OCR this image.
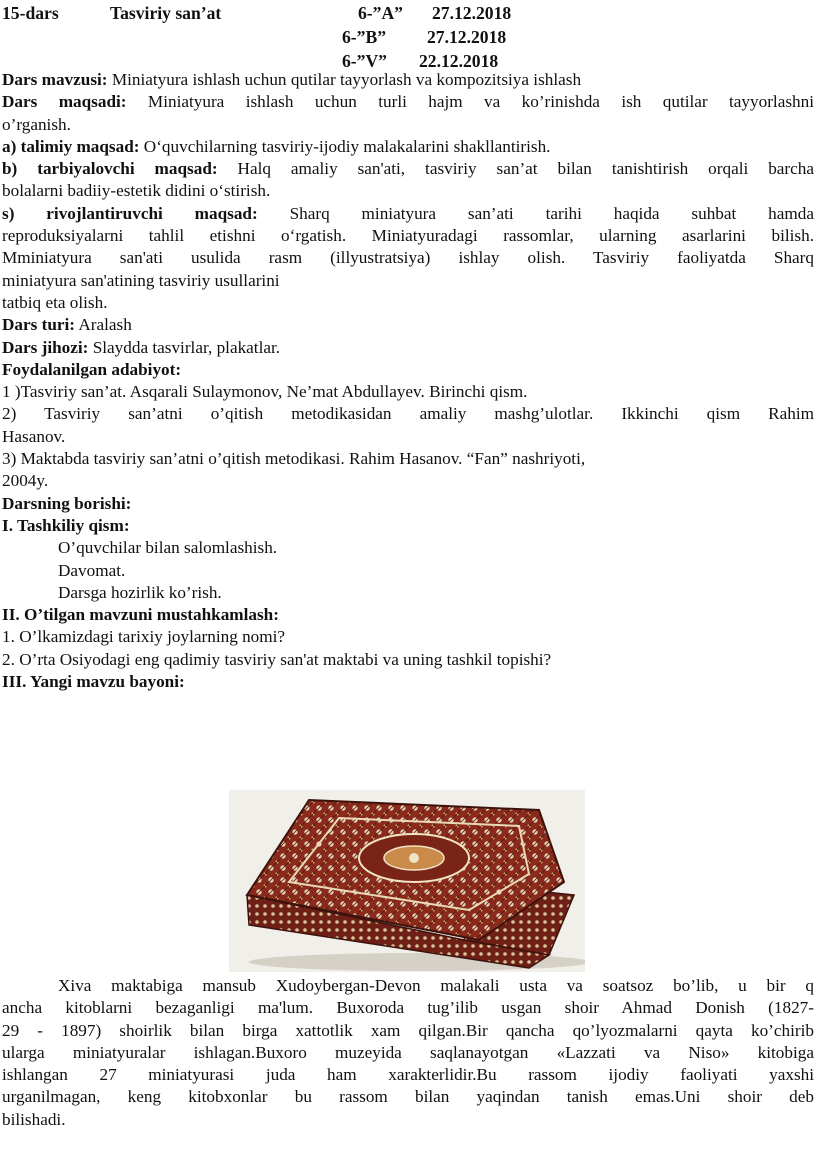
15-dars	Tasviriy san’at	6-”A” 27.12.2018
6-”B” 27.12.2018
6-”V” 22.12.2018
Dars mavzusi: Miniatyura ishlash uchun qutilar tayyorlash va kompozitsiya ishlash
Dars maqsadi: Miniatyura ishlash uchun turli hajm va ko’rinishda ish qutilar tayyorlashni
o’rganish.
a) talimiy maqsad: O‘quvchilarning tasviriy-ijodiy malakalarini shakllantirish.
b) tarbiyalovchi maqsad: Halq amaliy san'ati, tasviriy san’at bilan tanishtirish orqali barcha
bolalarni badiiy-estetik didini o‘stirish.
s) rivojlantiruvchi maqsad: Sharq miniatyura san’ati tarihi haqida suhbat hamda
reproduksiyalarni tahlil etishni o‘rgatish. Miniatyuradagi rassomlar, ularning asarlarini bilish.
Mminiatyura san'ati usulida rasm (illyustratsiya) ishlay olish. Tasviriy faoliyatda Sharq
miniatyura san'atining tasviriy usullarini
tatbiq eta olish.
Dars turi: Aralash
Dars jihozi: Slaydda tasvirlar, plakatlar.
Foydalanilgan adabiyot:
1 )Tasviriy san’at. Asqarali Sulaymonov, Ne’mat Abdullayev. Birinchi qism.
2) Tasviriy san’atni o’qitish metodikasidan amaliy mashg’ulotlar. Ikkinchi qism Rahim
Hasanov.
3) Maktabda tasviriy san’atni o’qitish metodikasi. Rahim Hasanov. “Fan” nashriyoti,
2004y.
Darsning borishi:
I. Tashkiliy qism:
O’quvchilar bilan salomlashish.
Davomat.
Darsga hozirlik ko’rish.
II. O’tilgan mavzuni mustahkamlash:
1. O’lkamizdagi tarixiy joylarning nomi?
2. O’rta Osiyodagi eng qadimiy tasviriy san'at maktabi va uning tashkil topishi?
III. Yangi mavzu bayoni:
Xiva maktabiga mansub Xudoybergan-Devon malakali usta va soatsoz bo’lib, u bir q
ancha kitoblarni bezaganligi ma'lum. Buxoroda tug’ilib usgan shoir Ahmad Donish (1827-
29 - 1897) shoirlik bilan birga xattotlik xam qilgan.Bir qancha qo’lyozmalarni qayta ko’chirib
ularga miniatyuralar ishlagan.Buxoro muzeyida saqlanayotgan «Lazzati va Niso» kitobiga
ishlangan 27 miniatyurasi juda ham xarakterlidir.Bu rassom ijodiy faoliyati yaxshi
urganilmagan, keng kitobxonlar bu rassom bilan yaqindan tanish emas.Uni shoir deb
bilishadi.
